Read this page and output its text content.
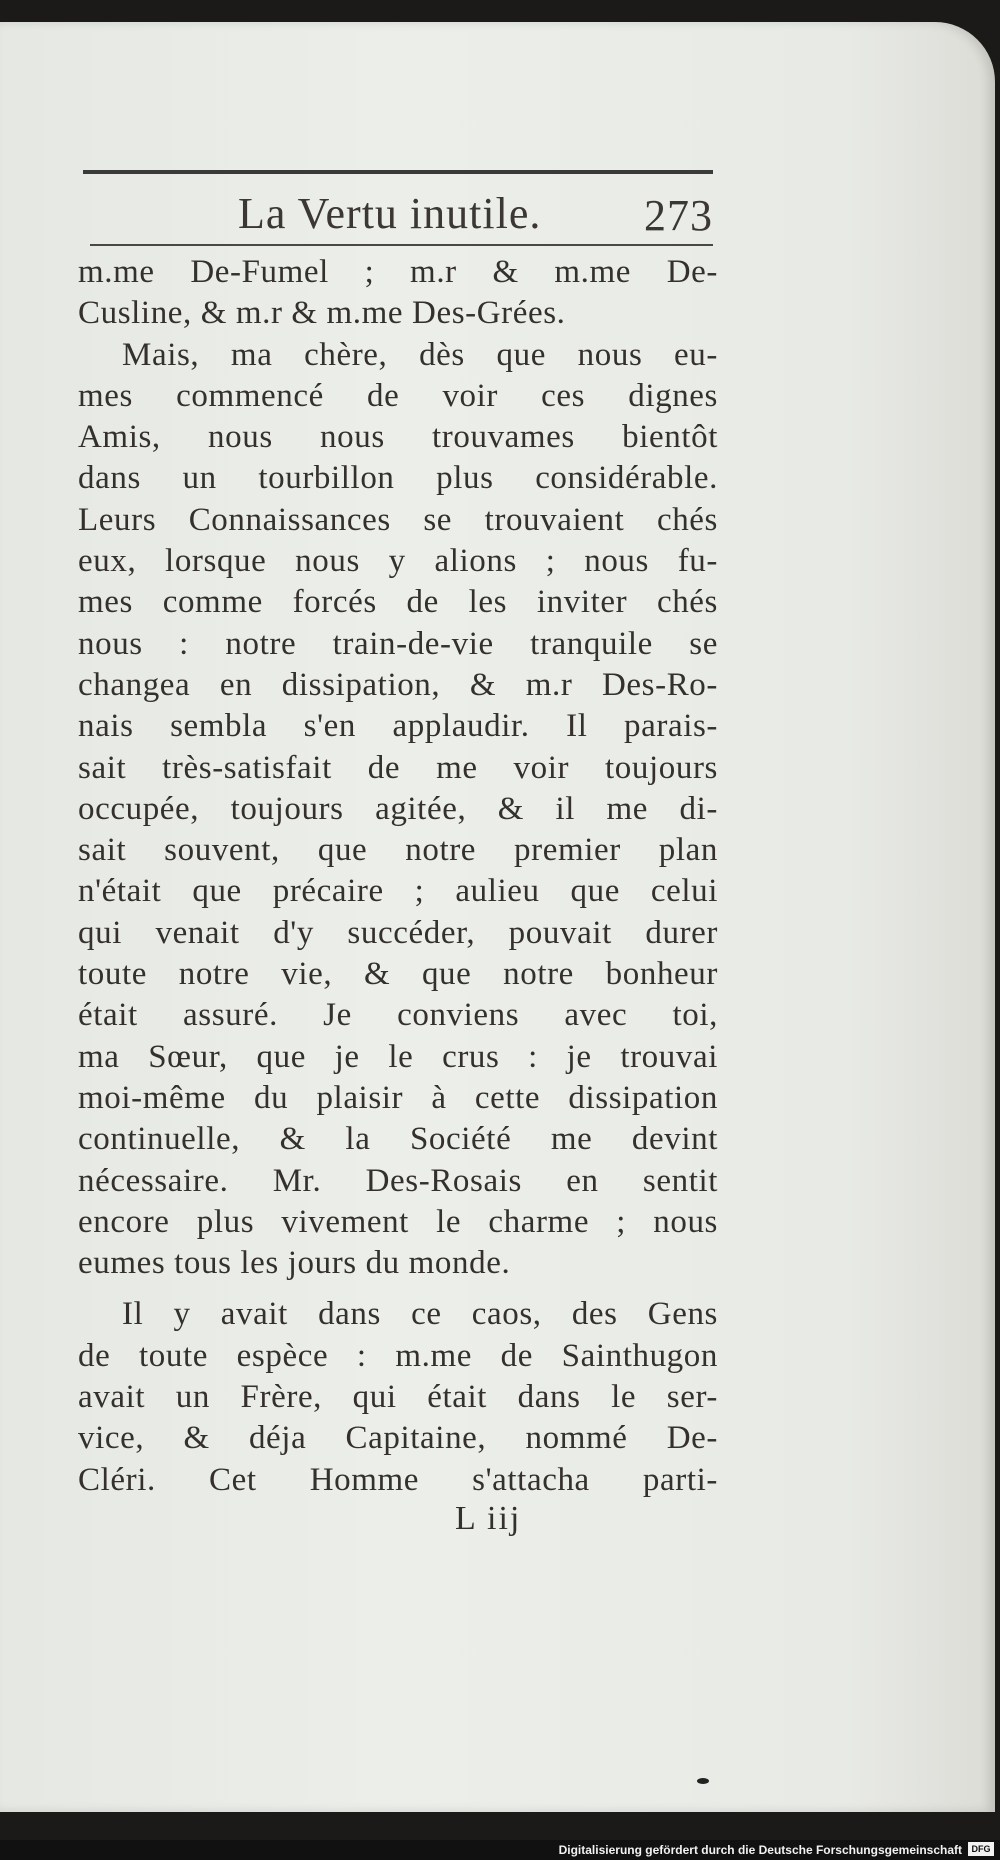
La Vertu inutile. 273
m.me De-Fumel ; m.r & m.me De-
Cusline, & m.r & m.me Des-Grées.
Mais, ma chère, dès que nous eu-
mes commencé de voir ces dignes
Amis, nous nous trouvames bientôt
dans un tourbillon plus considérable.
Leurs Connaissances se trouvaient chés
eux, lorsque nous y alions ; nous fu-
mes comme forcés de les inviter chés
nous : notre train-de-vie tranquile se
changea en dissipation, & m.r Des-Ro-
nais sembla s'en applaudir. Il parais-
sait très-satisfait de me voir toujours
occupée, toujours agitée, & il me di-
sait souvent, que notre premier plan
n'était que précaire ; aulieu que celui
qui venait d'y succéder, pouvait durer
toute notre vie, & que notre bonheur
était assuré. Je conviens avec toi,
ma Sœur, que je le crus : je trouvai
moi-même du plaisir à cette dissipation
continuelle, & la Société me devint
nécessaire. Mr. Des-Rosais en sentit
encore plus vivement le charme ; nous
eumes tous les jours du monde.
Il y avait dans ce caos, des Gens
de toute espèce : m.me de Sainthugon
avait un Frère, qui était dans le ser-
vice, & déja Capitaine, nommé De-
Cléri. Cet Homme s'attacha parti-
L iij
Digitalisierung gefördert durch die Deutsche Forschungsgemeinschaft	DFG
